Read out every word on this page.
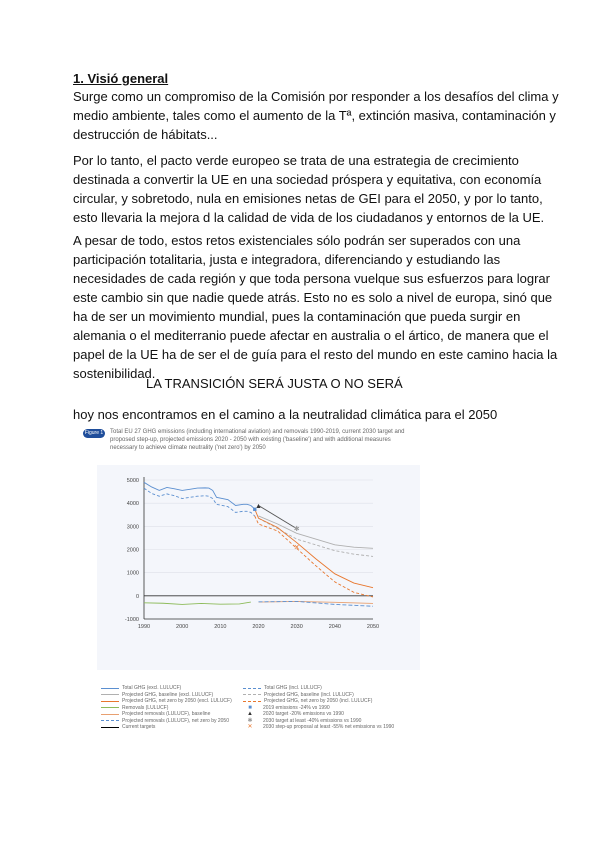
1. Visió general
Surge como un compromiso de la Comisión por responder a los desafíos del clima y
medio ambiente, tales como el aumento de la Tª, extinción masiva, contaminación y
destrucción de hábitats...
Por lo tanto, el pacto verde europeo se trata de una estrategia de crecimiento
destinada a convertir la UE en una sociedad próspera y equitativa, con economía
circular, y sobretodo, nula en emisiones netas de GEI para el 2050, y por lo tanto,
esto llevaria la mejora d la calidad de vida de los ciudadanos y entornos de la UE.
A pesar de todo, estos retos existenciales sólo podrán ser superados con una
participación totalitaria, justa e integradora, diferenciando y estudiando las
necesidades de cada región y que toda persona vuelque sus esfuerzos para lograr
este cambio sin que nadie quede atrás. Esto no es solo a nivel de europa, sinó que
ha de ser un movimiento mundial, pues la contaminación que pueda surgir en
alemania o el mediterranio puede afectar en australia o el ártico, de manera que el
papel de la UE ha de ser el de guía para el resto del mundo en este camino hacia la
sostenibilidad.
LA TRANSICIÓN SERÁ JUSTA O NO SERÁ
hoy nos encontramos en el camino a la neutralidad climática para el 2050
Figure 1	Total EU 27 GHG emissions (including international aviation) and removals 1990-2019, current 2030 target and proposed step-up, projected emissions 2020 - 2050 with existing ('baseline') and with additional measures necessary to achieve climate neutrality ('net zero') by 2050
5000
4000
3000
2000
1000
0
-1000
1990	2000	2010	2020	2030	2040	2050
■
▲
✱
✕
Total GHG (excl. LULUCF)
Projected GHG, baseline (excl. LULUCF)
Projected GHG, net zero by 2050 (excl. LULUCF)
Removals (LULUCF)
Projected removals (LULUCF), baseline
Projected removals (LULUCF), net zero by 2050
Current targets
Total GHG (incl. LULUCF)
Projected GHG, baseline (incl. LULUCF)
Projected GHG, net zero by 2050 (incl. LULUCF)
■	2019 emissions -24% vs 1990
▲	2020 target -20% emissions vs 1990
✱	2030 target at least -40% emissions vs 1990
✕	2030 step-up proposal at least -55% net emissions vs 1990
